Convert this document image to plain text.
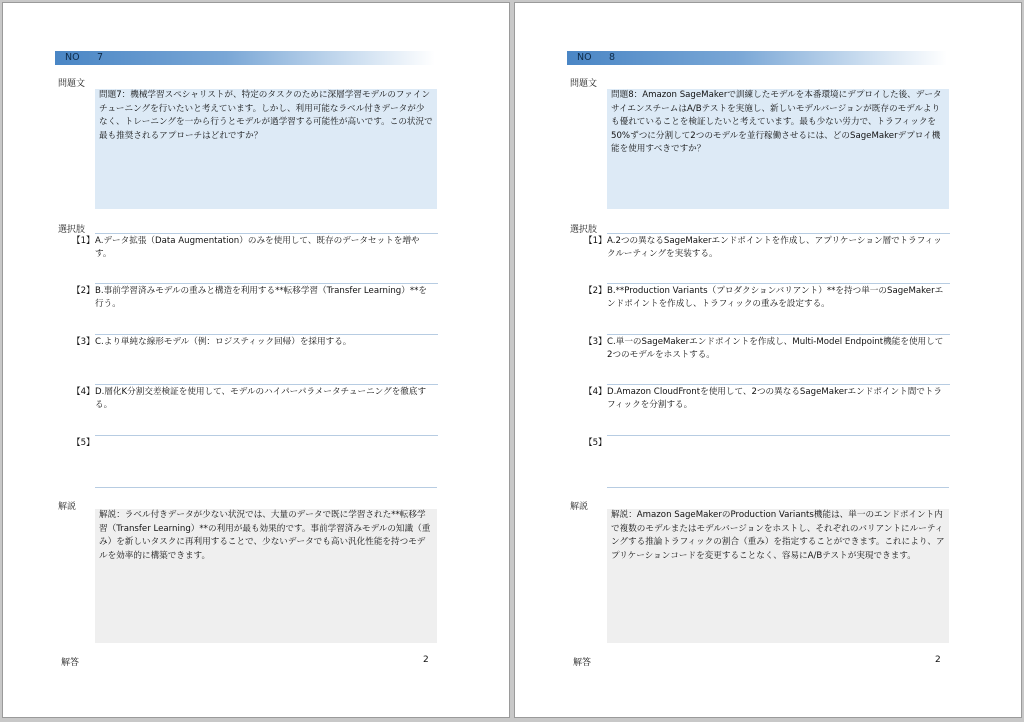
NO 7
問題文
問題7：機械学習スペシャリストが、特定のタスクのために深層学習モデルのファインチューニングを行いたいと考えています。しかし、利用可能なラベル付きデータが少なく、トレーニングを一から行うとモデルが過学習する可能性が高いです。この状況で最も推奨されるアプローチはどれですか？
選択肢
【1】 A.データ拡張（Data Augmentation）のみを使用して、既存のデータセットを増やす。
【2】 B.事前学習済みモデルの重みと構造を利用する**転移学習（Transfer Learning）**を行う。
【3】 C.より単純な線形モデル（例：ロジスティック回帰）を採用する。
【4】 D.層化K分割交差検証を使用して、モデルのハイパーパラメータチューニングを徹底する。
【5】
解説
解説：ラベル付きデータが少ない状況では、大量のデータで既に学習された**転移学習（Transfer Learning）**の利用が最も効果的です。事前学習済みモデルの知識（重み）を新しいタスクに再利用することで、少ないデータでも高い汎化性能を持つモデルを効率的に構築できます。
解答	2
NO 8
問題文
問題8：Amazon SageMakerで訓練したモデルを本番環境にデプロイした後、データサイエンスチームはA/Bテストを実施し、新しいモデルバージョンが既存のモデルよりも優れていることを検証したいと考えています。最も少ない労力で、トラフィックを50%ずつに分割して2つのモデルを並行稼働させるには、どのSageMakerデプロイ機能を使用すべきですか？
選択肢
【1】 A.2つの異なるSageMakerエンドポイントを作成し、アプリケーション層でトラフィックルーティングを実装する。
【2】 B.**Production Variants（プロダクションバリアント）**を持つ単一のSageMakerエンドポイントを作成し、トラフィックの重みを設定する。
【3】 C.単一のSageMakerエンドポイントを作成し、Multi-Model Endpoint機能を使用して2つのモデルをホストする。
【4】 D.Amazon CloudFrontを使用して、2つの異なるSageMakerエンドポイント間でトラフィックを分割する。
【5】
解説
解説：Amazon SageMakerのProduction Variants機能は、単一のエンドポイント内で複数のモデルまたはモデルバージョンをホストし、それぞれのバリアントにルーティングする推論トラフィックの割合（重み）を指定することができます。これにより、アプリケーションコードを変更することなく、容易にA/Bテストが実現できます。
解答	2
